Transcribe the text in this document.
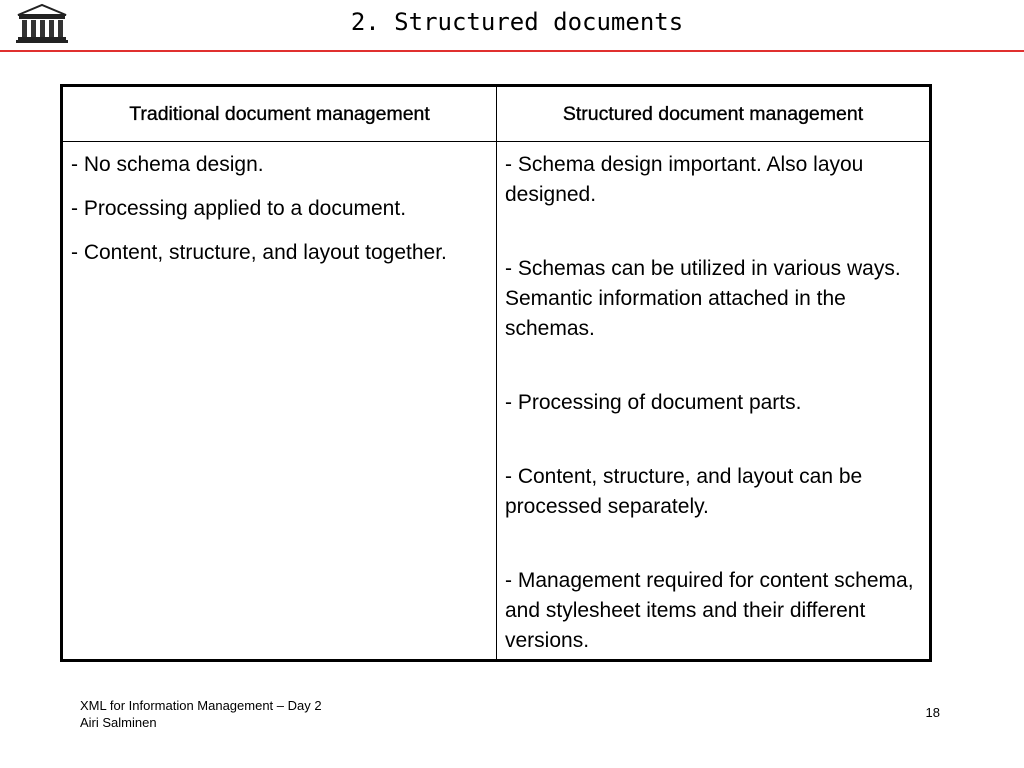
2. Structured documents
Traditional document management	Structured document management

- No schema design.

- Processing applied to a document.

- Content, structure, and layout together.

- Schema design important. Also layou designed.

- Schemas can be utilized in various ways. Semantic information attached in the schemas.

- Processing of document parts.

- Content, structure, and layout can be processed separately.

- Management required for content schema, and stylesheet items and their different versions.

XML for Information Management – Day 2
Airi Salminen
18
